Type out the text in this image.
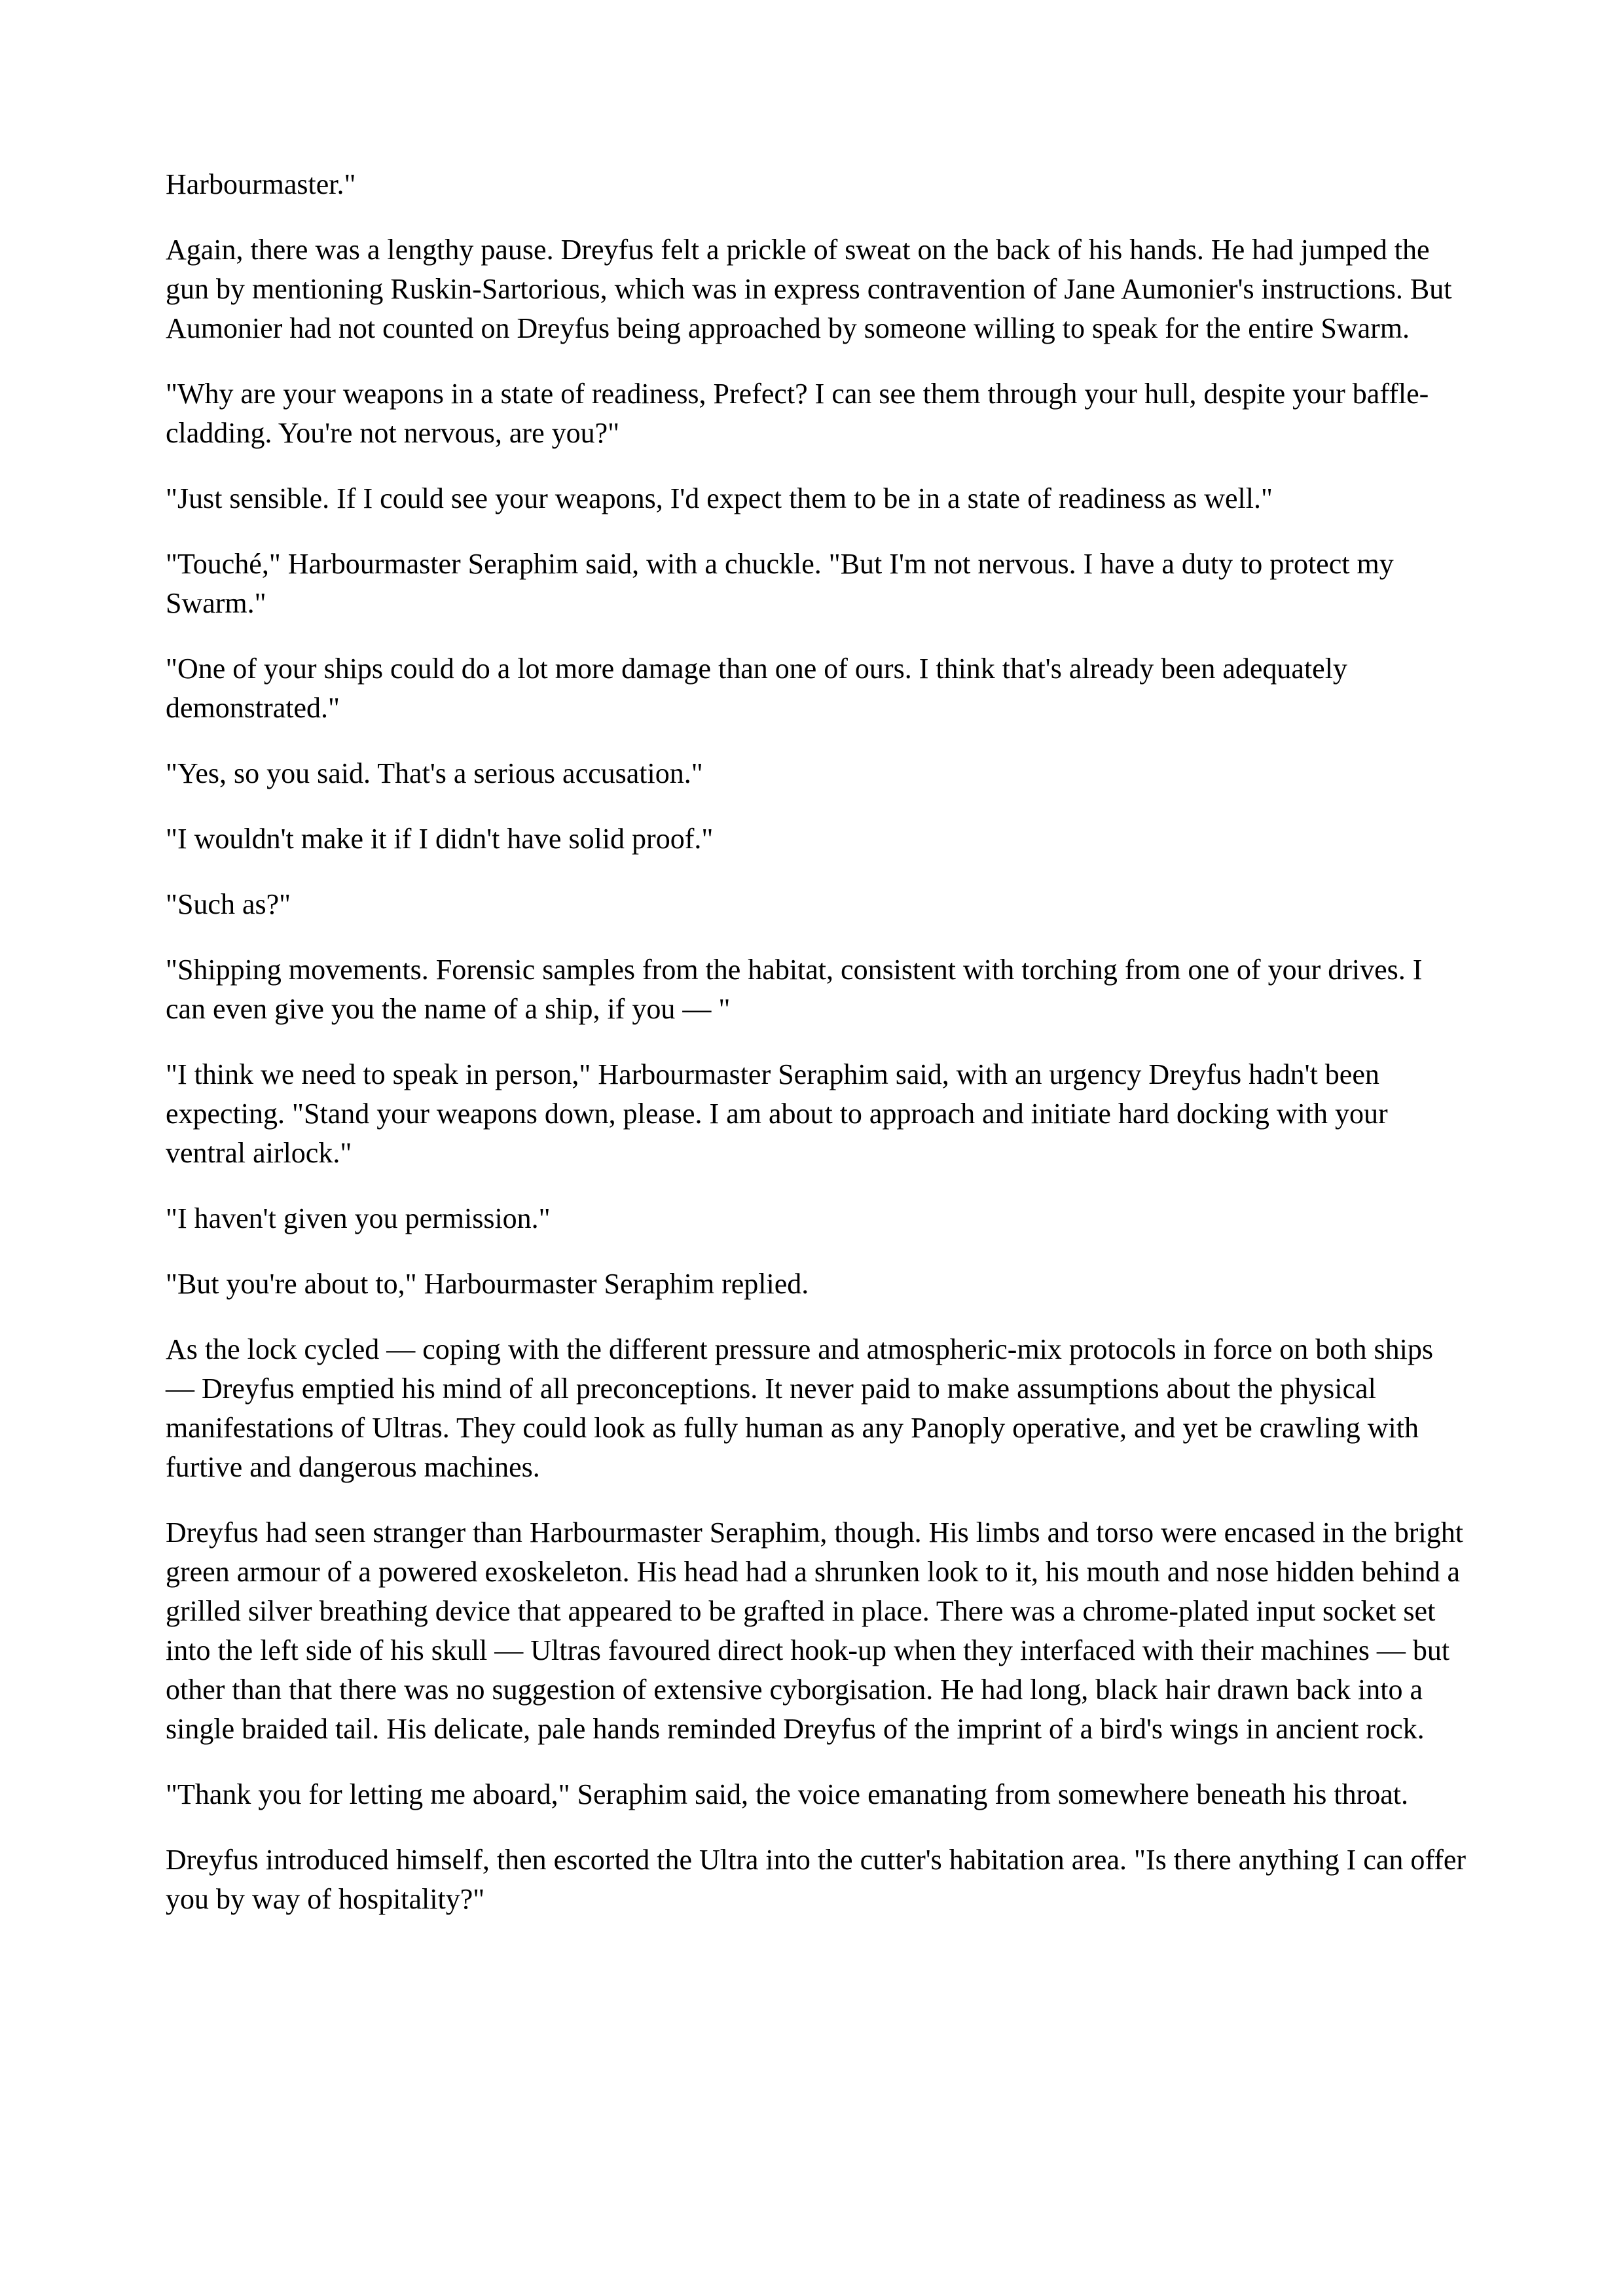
Harbourmaster."

Again, there was a lengthy pause. Dreyfus felt a prickle of sweat on the back of his hands. He had jumped the gun by mentioning Ruskin-Sartorious, which was in express contravention of Jane Aumonier's instructions. But Aumonier had not counted on Dreyfus being approached by someone willing to speak for the entire Swarm.

"Why are your weapons in a state of readiness, Prefect? I can see them through your hull, despite your baffle-cladding. You're not nervous, are you?"

"Just sensible. If I could see your weapons, I'd expect them to be in a state of readiness as well."

"Touché," Harbourmaster Seraphim said, with a chuckle. "But I'm not nervous. I have a duty to protect my Swarm."

"One of your ships could do a lot more damage than one of ours. I think that's already been adequately demonstrated."

"Yes, so you said. That's a serious accusation."

"I wouldn't make it if I didn't have solid proof."

"Such as?"

"Shipping movements. Forensic samples from the habitat, consistent with torching from one of your drives. I can even give you the name of a ship, if you — "

"I think we need to speak in person," Harbourmaster Seraphim said, with an urgency Dreyfus hadn't been expecting. "Stand your weapons down, please. I am about to approach and initiate hard docking with your ventral airlock."

"I haven't given you permission."

"But you're about to," Harbourmaster Seraphim replied.

As the lock cycled — coping with the different pressure and atmospheric-mix protocols in force on both ships — Dreyfus emptied his mind of all preconceptions. It never paid to make assumptions about the physical manifestations of Ultras. They could look as fully human as any Panoply operative, and yet be crawling with furtive and dangerous machines.

Dreyfus had seen stranger than Harbourmaster Seraphim, though. His limbs and torso were encased in the bright green armour of a powered exoskeleton. His head had a shrunken look to it, his mouth and nose hidden behind a grilled silver breathing device that appeared to be grafted in place. There was a chrome-plated input socket set into the left side of his skull — Ultras favoured direct hook-up when they interfaced with their machines — but other than that there was no suggestion of extensive cyborgisation. He had long, black hair drawn back into a single braided tail. His delicate, pale hands reminded Dreyfus of the imprint of a bird's wings in ancient rock.

"Thank you for letting me aboard," Seraphim said, the voice emanating from somewhere beneath his throat.

Dreyfus introduced himself, then escorted the Ultra into the cutter's habitation area. "Is there anything I can offer you by way of hospitality?"
